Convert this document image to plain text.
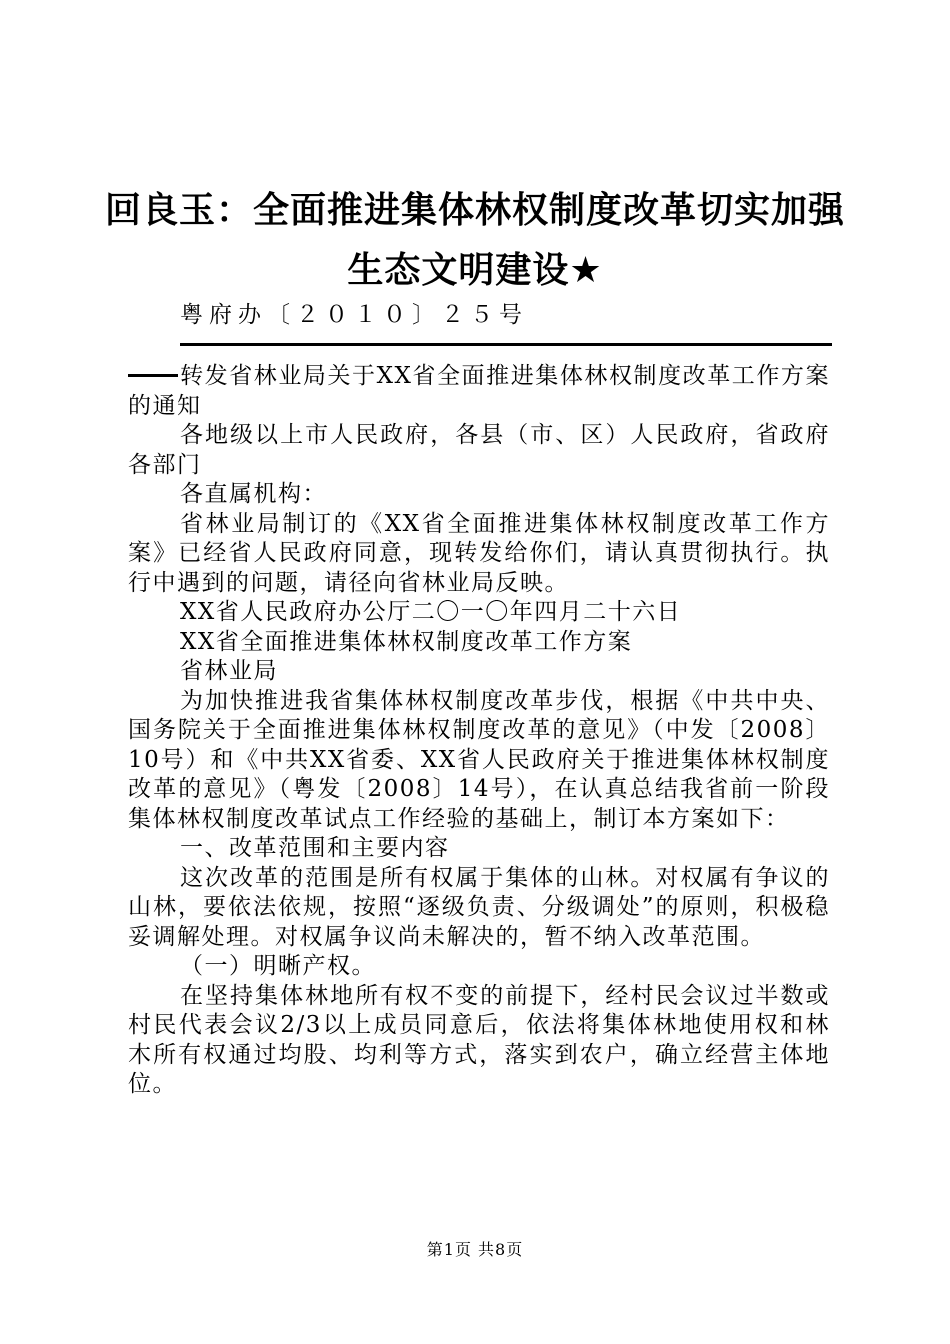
回良玉：全面推进集体林权制度改革切实加强
生态文明建设★
粤府办〔２０１０〕２５号

转发省林业局关于XX省全面推进集体林权制度改革工作方案的通知

各地级以上市人民政府，各县（市、区）人民政府，省政府各部门

各直属机构：

省林业局制订的《XX省全面推进集体林权制度改革工作方案》已经省人民政府同意，现转发给你们，请认真贯彻执行。执行中遇到的问题，请径向省林业局反映。

XX省人民政府办公厅二〇一〇年四月二十六日

XX省全面推进集体林权制度改革工作方案

省林业局

为加快推进我省集体林权制度改革步伐，根据《中共中央、国务院关于全面推进集体林权制度改革的意见》（中发〔2008〕10号）和《中共XX省委、XX省人民政府关于推进集体林权制度改革的意见》（粤发〔2008〕14号），在认真总结我省前一阶段集体林权制度改革试点工作经验的基础上，制订本方案如下：

一、改革范围和主要内容

这次改革的范围是所有权属于集体的山林。对权属有争议的山林，要依法依规，按照“逐级负责、分级调处”的原则，积极稳妥调解处理。对权属争议尚未解决的，暂不纳入改革范围。

（一）明晰产权。

在坚持集体林地所有权不变的前提下，经村民会议过半数或村民代表会议2/3以上成员同意后，依法将集体林地使用权和林木所有权通过均股、均利等方式，落实到农户，确立经营主体地位。

第1页 共8页
